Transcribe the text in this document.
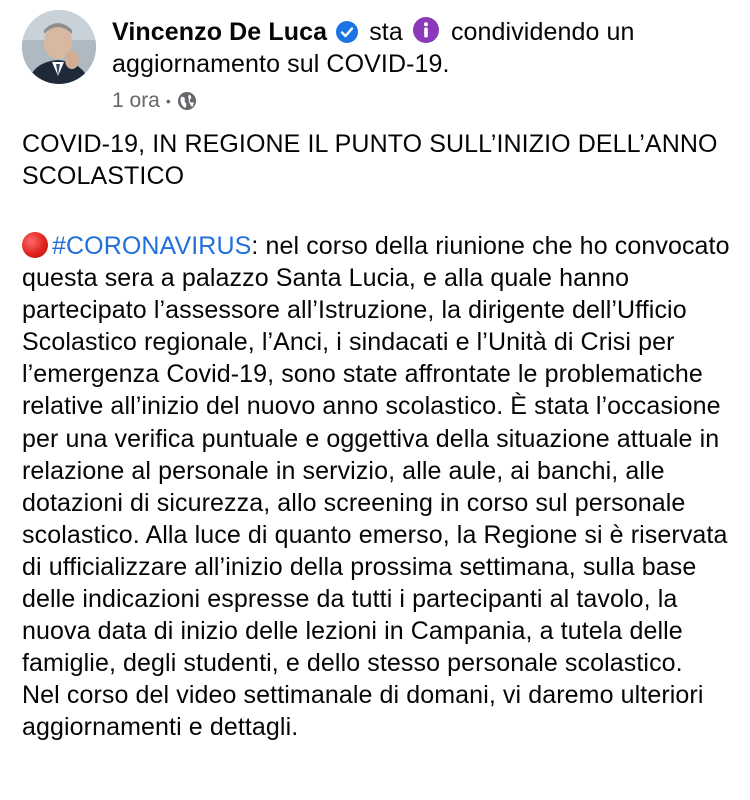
Vincenzo De Luca sta condividendo un aggiornamento sul COVID-19.
1 ora •
COVID-19, IN REGIONE IL PUNTO SULL’INIZIO DELL’ANNO SCOLASTICO
#CORONAVIRUS: nel corso della riunione che ho convocato questa sera a palazzo Santa Lucia, e alla quale hanno partecipato l’assessore all’Istruzione, la dirigente dell’Ufficio Scolastico regionale, l’Anci, i sindacati e l’Unità di Crisi per l’emergenza Covid-19, sono state affrontate le problematiche relative all’inizio del nuovo anno scolastico. È stata l’occasione per una verifica puntuale e oggettiva della situazione attuale in relazione al personale in servizio, alle aule, ai banchi, alle dotazioni di sicurezza, allo screening in corso sul personale scolastico. Alla luce di quanto emerso, la Regione si è riservata di ufficializzare all’inizio della prossima settimana, sulla base delle indicazioni espresse da tutti i partecipanti al tavolo, la nuova data di inizio delle lezioni in Campania, a tutela delle famiglie, degli studenti, e dello stesso personale scolastico.
Nel corso del video settimanale di domani, vi daremo ulteriori aggiornamenti e dettagli.
